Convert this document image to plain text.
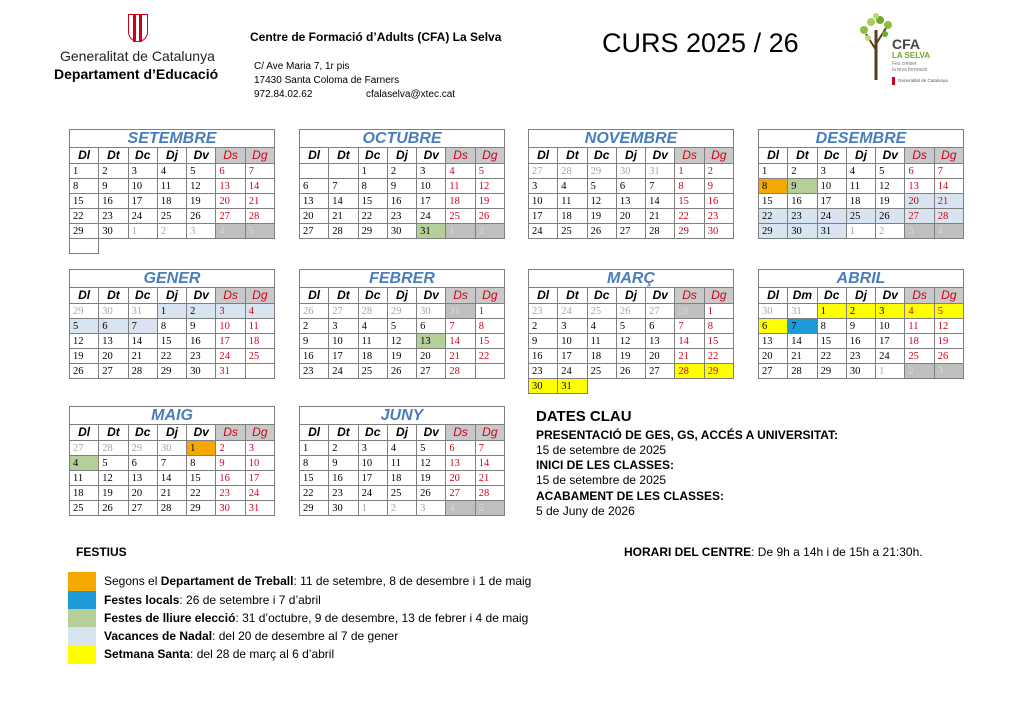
Generalitat de Catalunya
Departament d’Educació
Centre de Formació d’Adults (CFA) La Selva
C/ Ave Maria 7, 1r pis
17430 Santa Coloma de Farners
972.84.02.62	cfalaselva@xtec.cat
CURS 2025 / 26	CFA
LA SELVA
Fes créixer
la teva formació
Generalitat de Catalunya
SETEMBRE
Dl	Dt	Dc	Dj	Dv	Ds	Dg
1	2	3	4	5	6	7
8	9	10	11	12	13	14
15	16	17	18	19	20	21
22	23	24	25	26	27	28
29	30	1	2	3	4	5

OCTUBRE
Dl	Dt	Dc	Dj	Dv	Ds	Dg
		1	2	3	4	5
6	7	8	9	10	11	12
13	14	15	16	17	18	19
20	21	22	23	24	25	26
27	28	29	30	31	1	2
NOVEMBRE
Dl	Dt	Dc	Dj	Dv	Ds	Dg
27	28	29	30	31	1	2
3	4	5	6	7	8	9
10	11	12	13	14	15	16
17	18	19	20	21	22	23
24	25	26	27	28	29	30
DESEMBRE
Dl	Dt	Dc	Dj	Dv	Ds	Dg
1	2	3	4	5	6	7
8	9	10	11	12	13	14
15	16	17	18	19	20	21
22	23	24	25	26	27	28
29	30	31	1	2	3	4
GENER
Dl	Dt	Dc	Dj	Dv	Ds	Dg
29	30	31	1	2	3	4
5	6	7	8	9	10	11
12	13	14	15	16	17	18
19	20	21	22	23	24	25
26	27	28	29	30	31	
FEBRER
Dl	Dt	Dc	Dj	Dv	Ds	Dg
26	27	28	29	30	31	1
2	3	4	5	6	7	8
9	10	11	12	13	14	15
16	17	18	19	20	21	22
23	24	25	26	27	28	
MARÇ
Dl	Dt	Dc	Dj	Dv	Ds	Dg
23	24	25	26	27	28	1
2	3	4	5	6	7	8
9	10	11	12	13	14	15
16	17	18	19	20	21	22
23	24	25	26	27	28	29
30	31					
ABRIL
Dl	Dm	Dc	Dj	Dv	Ds	Dg
30	31	1	2	3	4	5
6	7	8	9	10	11	12
13	14	15	16	17	18	19
20	21	22	23	24	25	26
27	28	29	30	1	2	3
MAIG
Dl	Dt	Dc	Dj	Dv	Ds	Dg
27	28	29	30	1	2	3
4	5	6	7	8	9	10
11	12	13	14	15	16	17
18	19	20	21	22	23	24
25	26	27	28	29	30	31
JUNY
Dl	Dt	Dc	Dj	Dv	Ds	Dg
1	2	3	4	5	6	7
8	9	10	11	12	13	14
15	16	17	18	19	20	21
22	23	24	25	26	27	28
29	30	1	2	3	4	5
DATES CLAU
PRESENTACIÓ DE GES, GS, ACCÉS A UNIVERSITAT:
15 de setembre de 2025
INICI DE LES CLASSES:
15 de setembre de 2025
ACABAMENT DE LES CLASSES:
5 de Juny de 2026
FESTIUS	HORARI DEL CENTRE: De 9h a 14h i de 15h a 21:30h.
Segons el Departament de Treball: 11 de setembre, 8 de desembre i 1 de maig
Festes locals: 26 de setembre i 7 d’abril
Festes de lliure elecció: 31 d’octubre, 9 de desembre, 13 de febrer i 4 de maig
Vacances de Nadal: del 20 de desembre al 7 de gener
Setmana Santa: del 28 de març al 6 d’abril
